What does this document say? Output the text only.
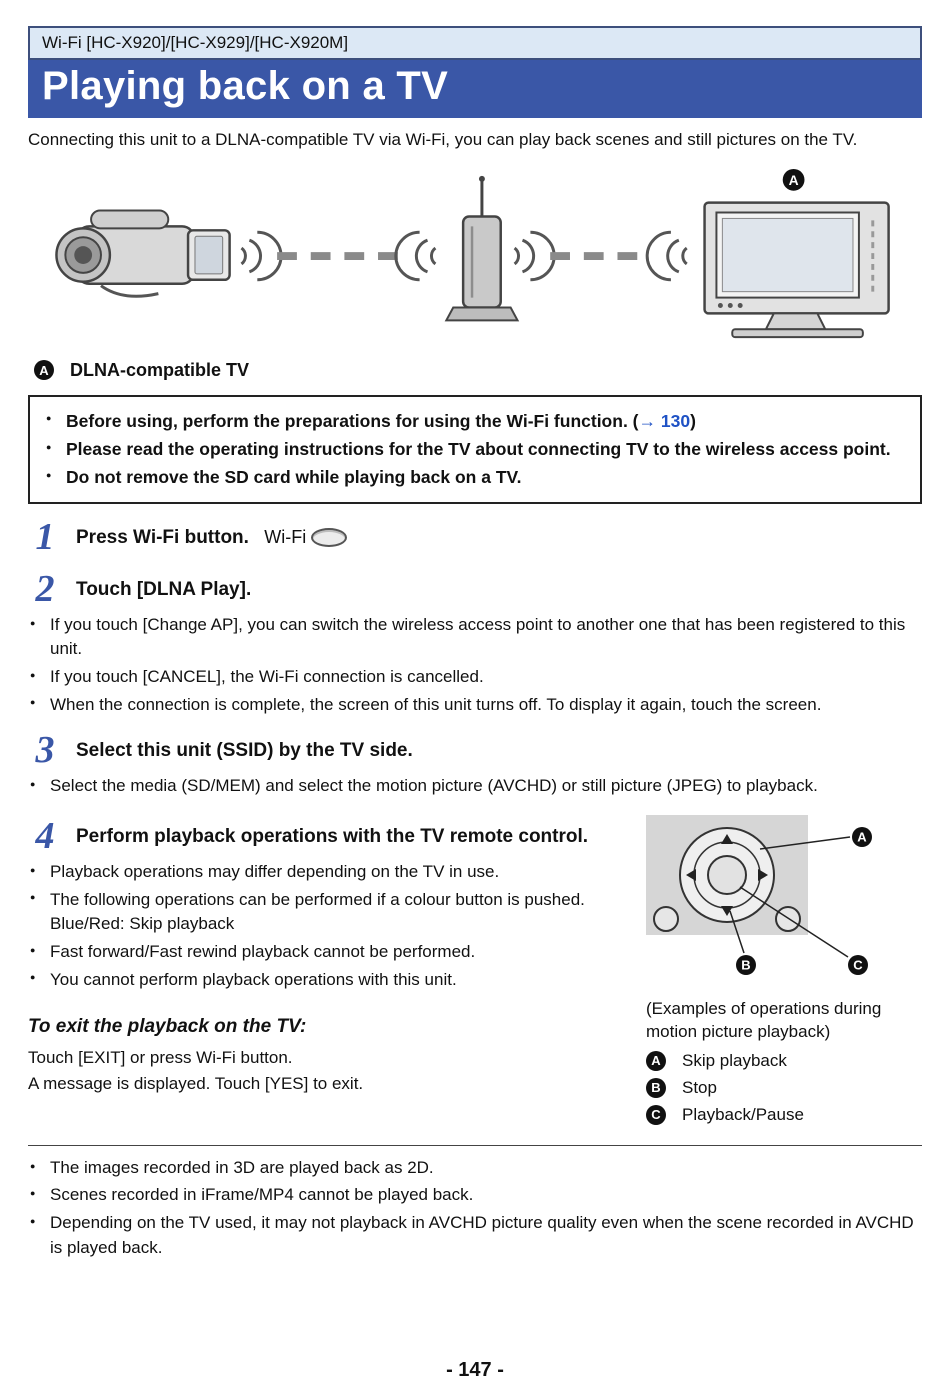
Wi-Fi [HC-X920]/[HC-X929]/[HC-X920M]
Playing back on a TV

Connecting this unit to a DLNA-compatible TV via Wi-Fi, you can play back scenes and still pictures on the TV.

A
A DLNA-compatible TV
● Before using, perform the preparations for using the Wi-Fi function. (→ 130)
● Please read the operating instructions for the TV about connecting TV to the wireless access point.
● Do not remove the SD card while playing back on a TV.
1	Press Wi-Fi button. Wi-Fi
2	Touch [DLNA Play].
● If you touch [Change AP], you can switch the wireless access point to another one that has been registered to this unit.
● If you touch [CANCEL], the Wi-Fi connection is cancelled.
● When the connection is complete, the screen of this unit turns off. To display it again, touch the screen.
3	Select this unit (SSID) by the TV side.
● Select the media (SD/MEM) and select the motion picture (AVCHD) or still picture (JPEG) to playback.
4	Perform playback operations with the TV remote control.
● Playback operations may differ depending on the TV in use.
● The following operations can be performed if a colour button is pushed.
Blue/Red: Skip playback
● Fast forward/Fast rewind playback cannot be performed.
● You cannot perform playback operations with this unit.
To exit the playback on the TV:

Touch [EXIT] or press Wi-Fi button.

A message is displayed. Touch [YES] to exit.

A
B	C

(Examples of operations during motion picture playback)

A	Skip playback
B	Stop
C	Playback/Pause
● The images recorded in 3D are played back as 2D.
● Scenes recorded in iFrame/MP4 cannot be played back.
● Depending on the TV used, it may not playback in AVCHD picture quality even when the scene recorded in AVCHD is played back.
- 147 -
